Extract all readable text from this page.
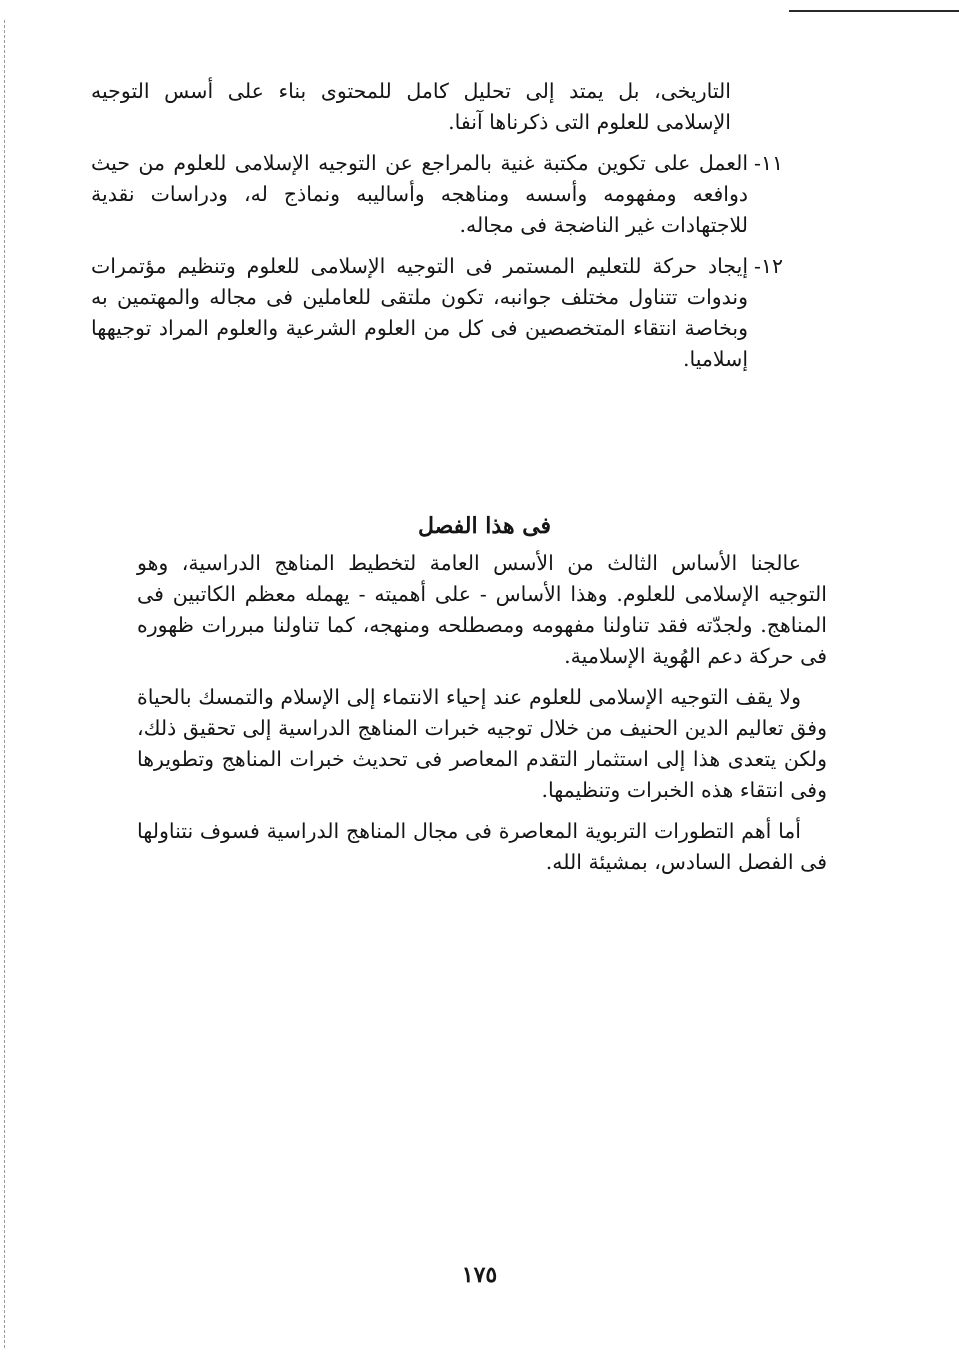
التاريخى، بل يمتد إلى تحليل كامل للمحتوى بناء على أسس التوجيه الإسلامى للعلوم التى ذكرناها آنفا.

١١-
العمل على تكوين مكتبة غنية بالمراجع عن التوجيه الإسلامى للعلوم من حيث دوافعه ومفهومه وأسسه ومناهجه وأساليبه ونماذج له، ودراسات نقدية للاجتهادات غير الناضجة فى مجاله.
١٢-
إيجاد حركة للتعليم المستمر فى التوجيه الإسلامى للعلوم وتنظيم مؤتمرات وندوات تتناول مختلف جوانبه، تكون ملتقى للعاملين فى مجاله والمهتمين به وبخاصة انتقاء المتخصصين فى كل من العلوم الشرعية والعلوم المراد توجيهها إسلاميا.
فى هذا الفصل

عالجنا الأساس الثالث من الأسس العامة لتخطيط المناهج الدراسية، وهو التوجيه الإسلامى للعلوم. وهذا الأساس - على أهميته - يهمله معظم الكاتبين فى المناهج. ولجدّته فقد تناولنا مفهومه ومصطلحه ومنهجه، كما تناولنا مبررات ظهوره فى حركة دعم الهُوية الإسلامية.

ولا يقف التوجيه الإسلامى للعلوم عند إحياء الانتماء إلى الإسلام والتمسك بالحياة وفق تعاليم الدين الحنيف من خلال توجيه خبرات المناهج الدراسية إلى تحقيق ذلك، ولكن يتعدى هذا إلى استثمار التقدم المعاصر فى تحديث خبرات المناهج وتطويرها وفى انتقاء هذه الخبرات وتنظيمها.

أما أهم التطورات التربوية المعاصرة فى مجال المناهج الدراسية فسوف نتناولها فى الفصل السادس، بمشيئة الله.

١٧٥
